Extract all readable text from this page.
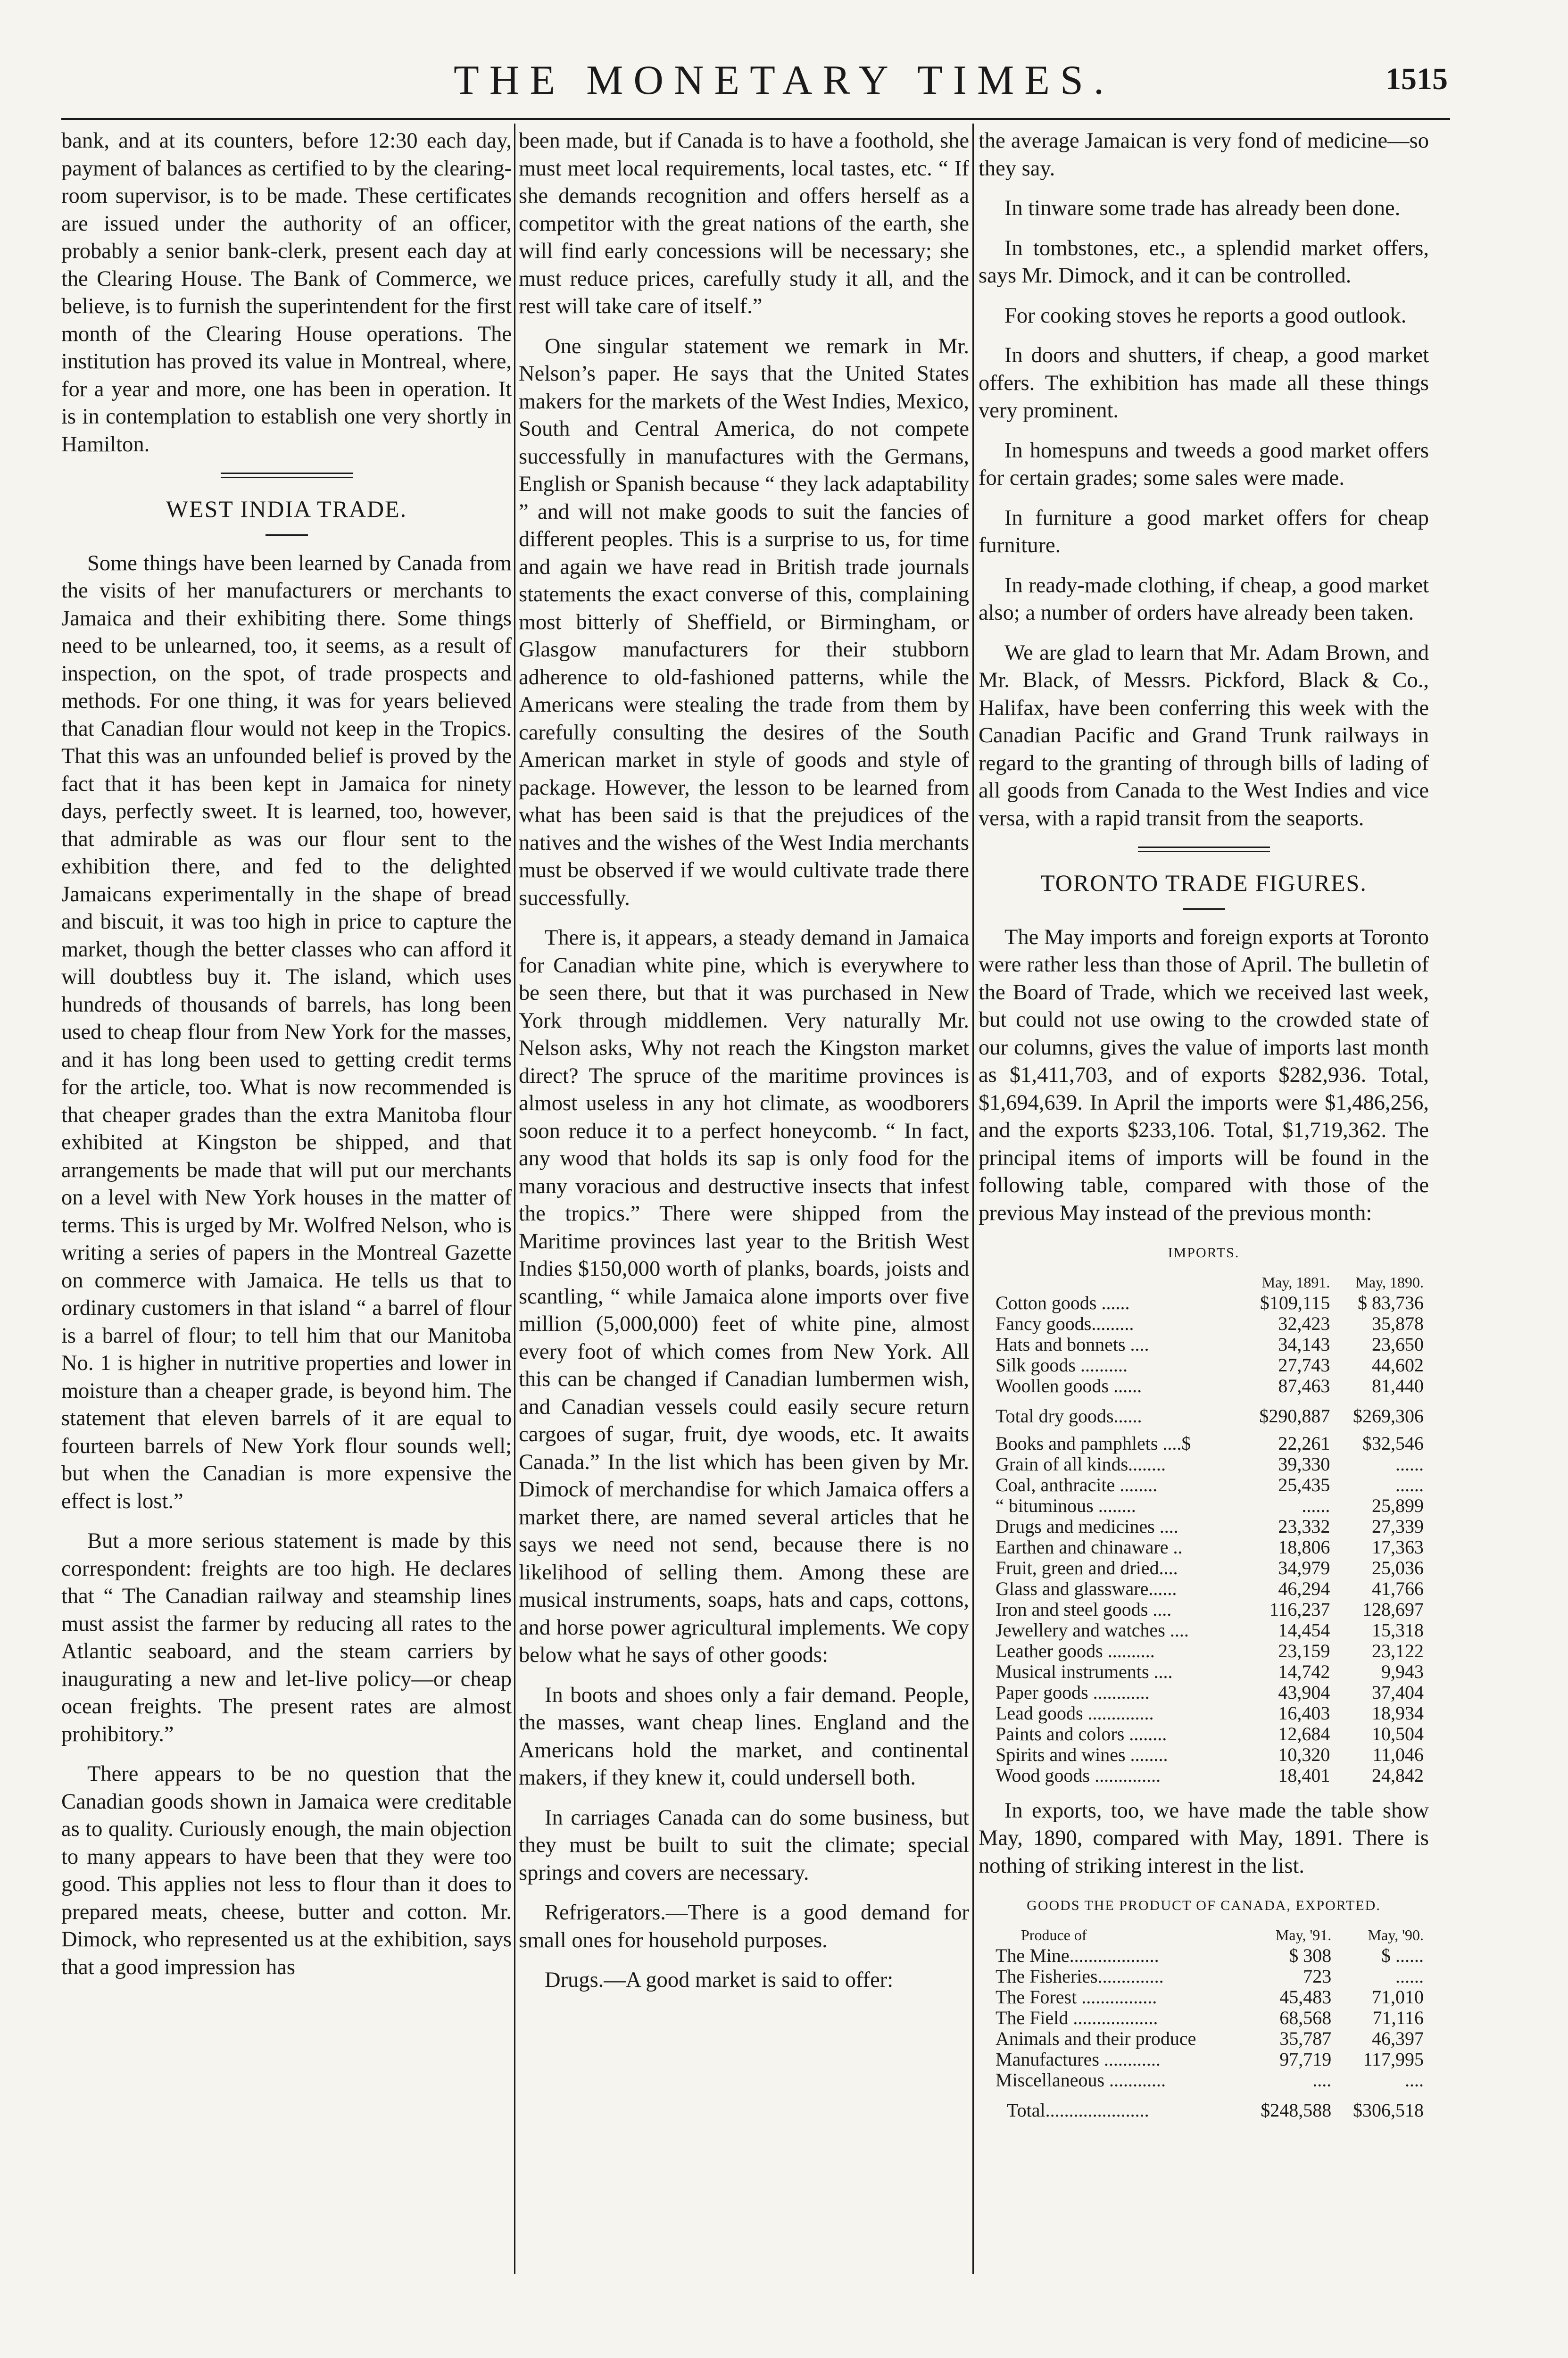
THE MONETARY TIMES.	1515

bank, and at its counters, before 12:30 each day, payment of balances as certified to by the clearing-room supervisor, is to be made. These certificates are issued under the authority of an officer, probably a senior bank-clerk, present each day at the Clearing House. The Bank of Commerce, we believe, is to furnish the superintendent for the first month of the Clearing House operations. The institution has proved its value in Montreal, where, for a year and more, one has been in operation. It is in contemplation to establish one very shortly in Hamilton.

WEST INDIA TRADE.

Some things have been learned by Canada from the visits of her manufacturers or merchants to Jamaica and their exhibiting there. Some things need to be unlearned, too, it seems, as a result of inspection, on the spot, of trade prospects and methods. For one thing, it was for years believed that Canadian flour would not keep in the Tropics. That this was an unfounded belief is proved by the fact that it has been kept in Jamaica for ninety days, perfectly sweet. It is learned, too, however, that admirable as was our flour sent to the exhibition there, and fed to the delighted Jamaicans experimentally in the shape of bread and biscuit, it was too high in price to capture the market, though the better classes who can afford it will doubtless buy it. The island, which uses hundreds of thousands of barrels, has long been used to cheap flour from New York for the masses, and it has long been used to getting credit terms for the article, too. What is now recommended is that cheaper grades than the extra Manitoba flour exhibited at Kingston be shipped, and that arrangements be made that will put our merchants on a level with New York houses in the matter of terms. This is urged by Mr. Wolfred Nelson, who is writing a series of papers in the Montreal Gazette on commerce with Jamaica. He tells us that to ordinary customers in that island “ a barrel of flour is a barrel of flour; to tell him that our Manitoba No. 1 is higher in nutritive properties and lower in moisture than a cheaper grade, is beyond him. The statement that eleven barrels of it are equal to fourteen barrels of New York flour sounds well; but when the Canadian is more expensive the effect is lost.”

But a more serious statement is made by this correspondent: freights are too high. He declares that “ The Canadian railway and steamship lines must assist the farmer by reducing all rates to the Atlantic seaboard, and the steam carriers by inaugurating a new and let-live policy—or cheap ocean freights. The present rates are almost prohibitory.”

There appears to be no question that the Canadian goods shown in Jamaica were creditable as to quality. Curiously enough, the main objection to many appears to have been that they were too good. This applies not less to flour than it does to prepared meats, cheese, butter and cotton. Mr. Dimock, who represented us at the exhibition, says that a good impression has

been made, but if Canada is to have a foothold, she must meet local requirements, local tastes, etc. “ If she demands recognition and offers herself as a competitor with the great nations of the earth, she will find early concessions will be necessary; she must reduce prices, carefully study it all, and the rest will take care of itself.”

One singular statement we remark in Mr. Nelson’s paper. He says that the United States makers for the markets of the West Indies, Mexico, South and Central America, do not compete successfully in manufactures with the Germans, English or Spanish because “ they lack adaptability ” and will not make goods to suit the fancies of different peoples. This is a surprise to us, for time and again we have read in British trade journals statements the exact converse of this, complaining most bitterly of Sheffield, or Birmingham, or Glasgow manufacturers for their stubborn adherence to old-fashioned patterns, while the Americans were stealing the trade from them by carefully consulting the desires of the South American market in style of goods and style of package. However, the lesson to be learned from what has been said is that the prejudices of the natives and the wishes of the West India merchants must be observed if we would cultivate trade there successfully.

There is, it appears, a steady demand in Jamaica for Canadian white pine, which is everywhere to be seen there, but that it was purchased in New York through middlemen. Very naturally Mr. Nelson asks, Why not reach the Kingston market direct? The spruce of the maritime provinces is almost useless in any hot climate, as woodborers soon reduce it to a perfect honeycomb. “ In fact, any wood that holds its sap is only food for the many voracious and destructive insects that infest the tropics.” There were shipped from the Maritime provinces last year to the British West Indies $150,000 worth of planks, boards, joists and scantling, “ while Jamaica alone imports over five million (5,000,000) feet of white pine, almost every foot of which comes from New York. All this can be changed if Canadian lumbermen wish, and Canadian vessels could easily secure return cargoes of sugar, fruit, dye woods, etc. It awaits Canada.” In the list which has been given by Mr. Dimock of merchandise for which Jamaica offers a market there, are named several articles that he says we need not send, because there is no likelihood of selling them. Among these are musical instruments, soaps, hats and caps, cottons, and horse power agricultural implements. We copy below what he says of other goods:

In boots and shoes only a fair demand. People, the masses, want cheap lines. England and the Americans hold the market, and continental makers, if they knew it, could undersell both.

In carriages Canada can do some business, but they must be built to suit the climate; special springs and covers are necessary.

Refrigerators.—There is a good demand for small ones for household purposes.

Drugs.—A good market is said to offer:

the average Jamaican is very fond of medicine—so they say.

In tinware some trade has already been done.

In tombstones, etc., a splendid market offers, says Mr. Dimock, and it can be controlled.

For cooking stoves he reports a good outlook.

In doors and shutters, if cheap, a good market offers. The exhibition has made all these things very prominent.

In homespuns and tweeds a good market offers for certain grades; some sales were made.

In furniture a good market offers for cheap furniture.

In ready-made clothing, if cheap, a good market also; a number of orders have already been taken.

We are glad to learn that Mr. Adam Brown, and Mr. Black, of Messrs. Pickford, Black & Co., Halifax, have been conferring this week with the Canadian Pacific and Grand Trunk railways in regard to the granting of through bills of lading of all goods from Canada to the West Indies and vice versa, with a rapid transit from the seaports.

TORONTO TRADE FIGURES.

The May imports and foreign exports at Toronto were rather less than those of April. The bulletin of the Board of Trade, which we received last week, but could not use owing to the crowded state of our columns, gives the value of imports last month as $1,411,703, and of exports $282,936. Total, $1,694,639. In April the imports were $1,486,256, and the exports $233,106. Total, $1,719,362. The principal items of imports will be found in the following table, compared with those of the previous May instead of the previous month:

IMPORTS.
	May, 1891.	May, 1890.
Cotton goods ......	$109,115	$ 83,736
Fancy goods.........	32,423	35,878
Hats and bonnets ....	34,143	23,650
Silk goods ..........	27,743	44,602
Woollen goods ......	87,463	81,440
Total dry goods......	$290,887	$269,306

Books and pamphlets ....$	22,261	$32,546
Grain of all kinds........	39,330	......
Coal, anthracite ........	25,435	......
“ bituminous ........	......	25,899
Drugs and medicines ....	23,332	27,339
Earthen and chinaware ..	18,806	17,363
Fruit, green and dried....	34,979	25,036
Glass and glassware......	46,294	41,766
Iron and steel goods ....	116,237	128,697
Jewellery and watches ....	14,454	15,318
Leather goods ..........	23,159	23,122
Musical instruments ....	14,742	9,943
Paper goods ............	43,904	37,404
Lead goods ..............	16,403	18,934
Paints and colors ........	12,684	10,504
Spirits and wines ........	10,320	11,046
Wood goods ..............	18,401	24,842

In exports, too, we have made the table show May, 1890, compared with May, 1891. There is nothing of striking interest in the list.

GOODS THE PRODUCT OF CANADA, EXPORTED.
Produce of	May, '91.	May, '90.
The Mine...................	$ 308	$ ......
The Fisheries..............	723	......
The Forest ................	45,483	71,010
The Field ..................	68,568	71,116
Animals and their produce	35,787	46,397
Manufactures ............	97,719	117,995
Miscellaneous ............	....	....
Total......................	$248,588	$306,518
